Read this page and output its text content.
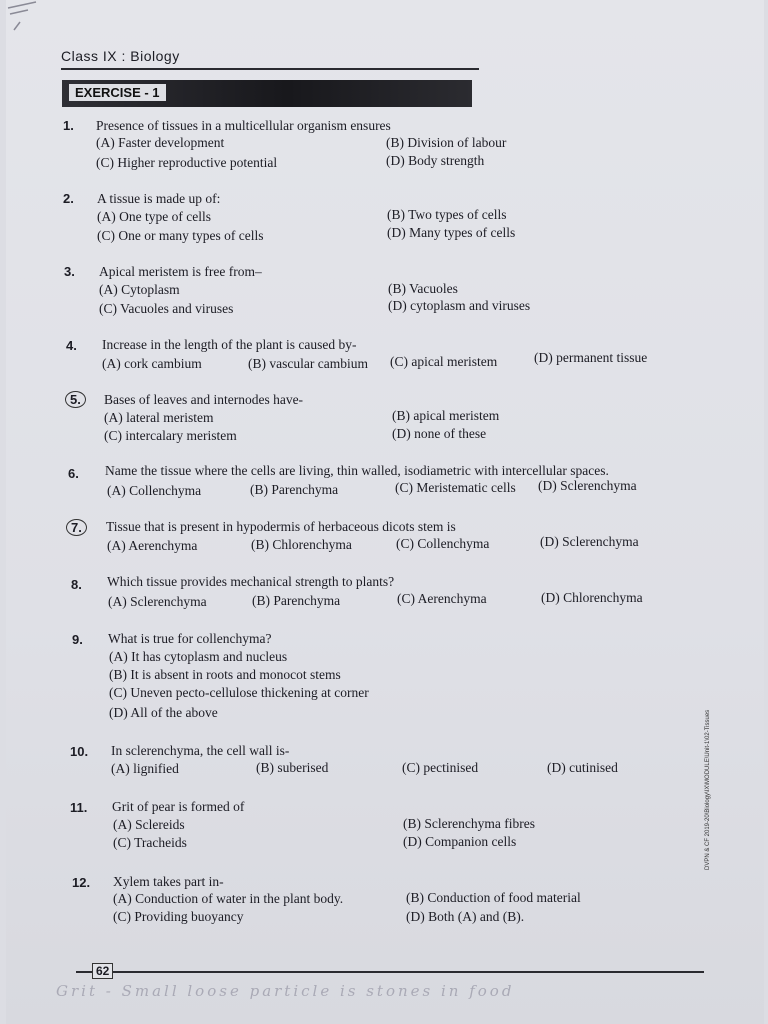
Class IX : Biology
EXERCISE - 1
1. Presence of tissues in a multicellular organism ensures
(A) Faster development	(B) Division of labour
(C) Higher reproductive potential	(D) Body strength
2. A tissue is made up of:
(A) One type of cells	(B) Two types of cells
(C) One or many types of cells	(D) Many types of cells
3. Apical meristem is free from–
(A) Cytoplasm	(B) Vacuoles
(C) Vacuoles and viruses	(D) cytoplasm and viruses
4. Increase in the length of the plant is caused by-
(A) cork cambium	(B) vascular cambium (C) apical meristem	(D) permanent tissue
5.	Bases of leaves and internodes have-
(A) lateral meristem	(B) apical meristem
(C) intercalary meristem	(D) none of these
6. Name the tissue where the cells are living, thin walled, isodiametric with intercellular spaces.
(A) Collenchyma	(B) Parenchyma	(C) Meristematic cells (D) Sclerenchyma
7.	Tissue that is present in hypodermis of herbaceous dicots stem is
(A) Aerenchyma	(B) Chlorenchyma	(C) Collenchyma	(D) Sclerenchyma
8. Which tissue provides mechanical strength to plants?
(A) Sclerenchyma	(B) Parenchyma	(C) Aerenchyma	(D) Chlorenchyma
9. What is true for collenchyma?
(A) It has cytoplasm and nucleus
(B) It is absent in roots and monocot stems
(C) Uneven pecto-cellulose thickening at corner
(D) All of the above
10. In sclerenchyma, the cell wall is-
(A) lignified	(B) suberised	(C) pectinised	(D) cutinised
11. Grit of pear is formed of
(A) Sclereids	(B) Sclerenchyma fibres
(C) Tracheids	(D) Companion cells
12. Xylem takes part in-
(A) Conduction of water in the plant body.	(B) Conduction of food material
(C) Providing buoyancy	(D) Both (A) and (B).
DVPN & CF 2019-20\Biology\IX\MODULE\Unit-1\02-Tissues
62
Grit - Small loose particle is stones in food
